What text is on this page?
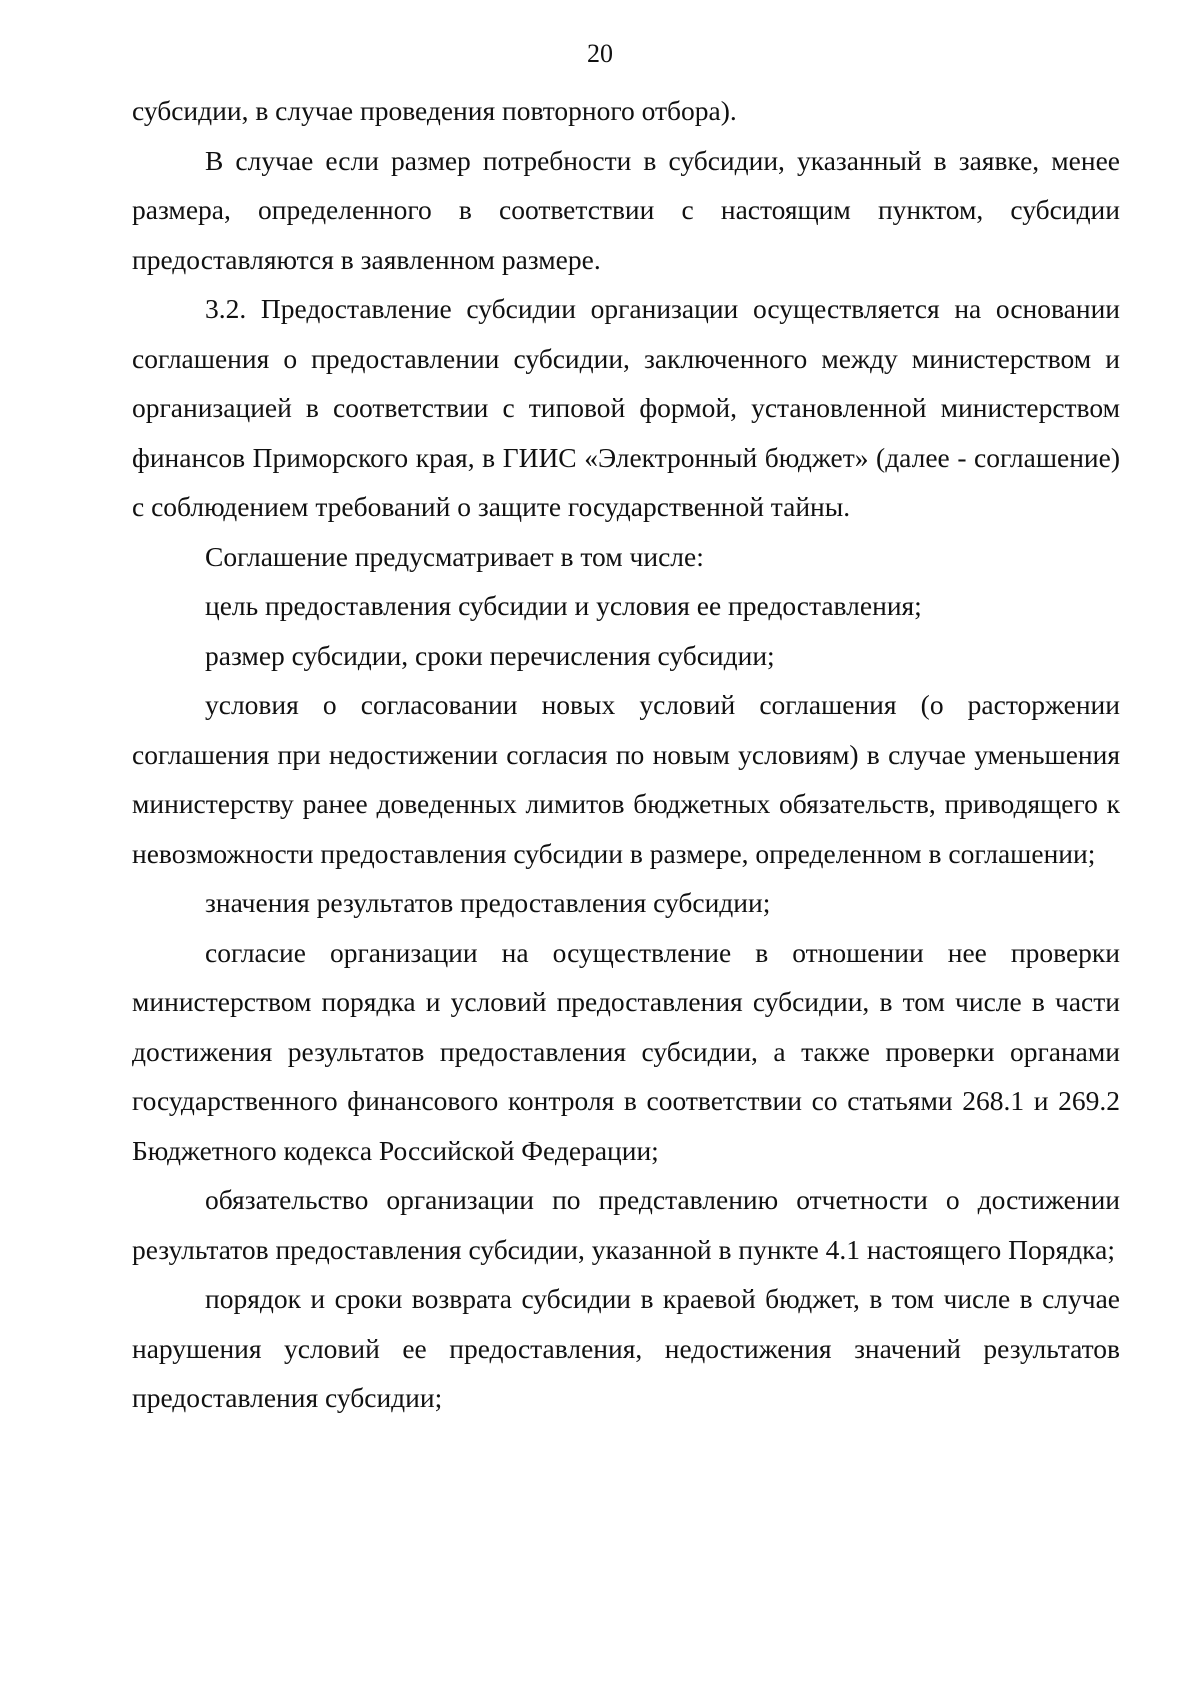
20

субсидии, в случае проведения повторного отбора).

В случае если размер потребности в субсидии, указанный в заявке, менее размера, определенного в соответствии с настоящим пунктом, субсидии предоставляются в заявленном размере.

3.2. Предоставление субсидии организации осуществляется на основании соглашения о предоставлении субсидии, заключенного между министерством и организацией в соответствии с типовой формой, установленной министерством финансов Приморского края, в ГИИС «Электронный бюджет» (далее - соглашение) с соблюдением требований о защите государственной тайны.

Соглашение предусматривает в том числе:

цель предоставления субсидии и условия ее предоставления;

размер субсидии, сроки перечисления субсидии;

условия о согласовании новых условий соглашения (о расторжении соглашения при недостижении согласия по новым условиям) в случае уменьшения министерству ранее доведенных лимитов бюджетных обязательств, приводящего к невозможности предоставления субсидии в размере, определенном в соглашении;

значения результатов предоставления субсидии;

согласие организации на осуществление в отношении нее проверки министерством порядка и условий предоставления субсидии, в том числе в части достижения результатов предоставления субсидии, а также проверки органами государственного финансового контроля в соответствии со статьями 268.1 и 269.2 Бюджетного кодекса Российской Федерации;

обязательство организации по представлению отчетности о достижении результатов предоставления субсидии, указанной в пункте 4.1 настоящего Порядка;

порядок и сроки возврата субсидии в краевой бюджет, в том числе в случае нарушения условий ее предоставления, недостижения значений результатов предоставления субсидии;
